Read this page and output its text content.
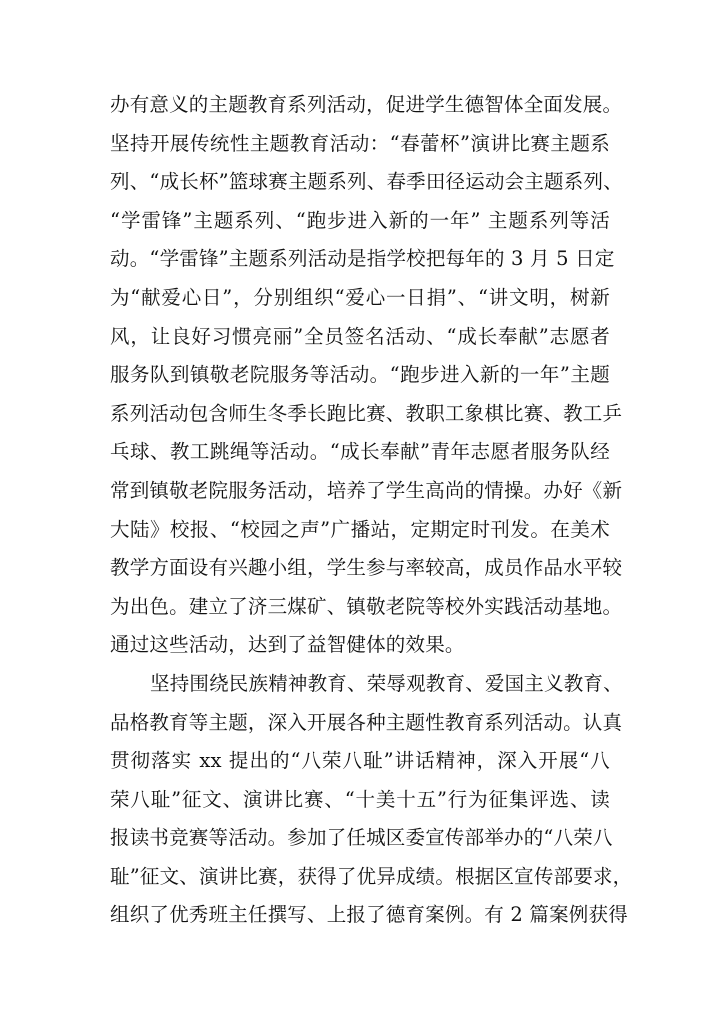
办有意义的主题教育系列活动，促进学生德智体全面发展。
坚持开展传统性主题教育活动：“春蕾杯”演讲比赛主题系
列、“成长杯”篮球赛主题系列、春季田径运动会主题系列、
“学雷锋”主题系列、“跑步进入新的一年” 主题系列等活
动。“学雷锋”主题系列活动是指学校把每年的 3 月 5 日定
为“献爱心日”，分别组织“爱心一日捐”、“讲文明，树新
风，让良好习惯亮丽”全员签名活动、“成长奉献”志愿者
服务队到镇敬老院服务等活动。“跑步进入新的一年”主题
系列活动包含师生冬季长跑比赛、教职工象棋比赛、教工乒
乓球、教工跳绳等活动。“成长奉献”青年志愿者服务队经
常到镇敬老院服务活动，培养了学生高尚的情操。办好《新
大陆》校报、“校园之声”广播站，定期定时刊发。在美术
教学方面设有兴趣小组，学生参与率较高，成员作品水平较
为出色。建立了济三煤矿、镇敬老院等校外实践活动基地。
通过这些活动，达到了益智健体的效果。
坚持围绕民族精神教育、荣辱观教育、爱国主义教育、
品格教育等主题，深入开展各种主题性教育系列活动。认真
贯彻落实 xx 提出的“八荣八耻”讲话精神，深入开展“八
荣八耻”征文、演讲比赛、“十美十五”行为征集评选、读
报读书竞赛等活动。参加了任城区委宣传部举办的“八荣八
耻”征文、演讲比赛，获得了优异成绩。根据区宣传部要求，
组织了优秀班主任撰写、上报了德育案例。有 2 篇案例获得
